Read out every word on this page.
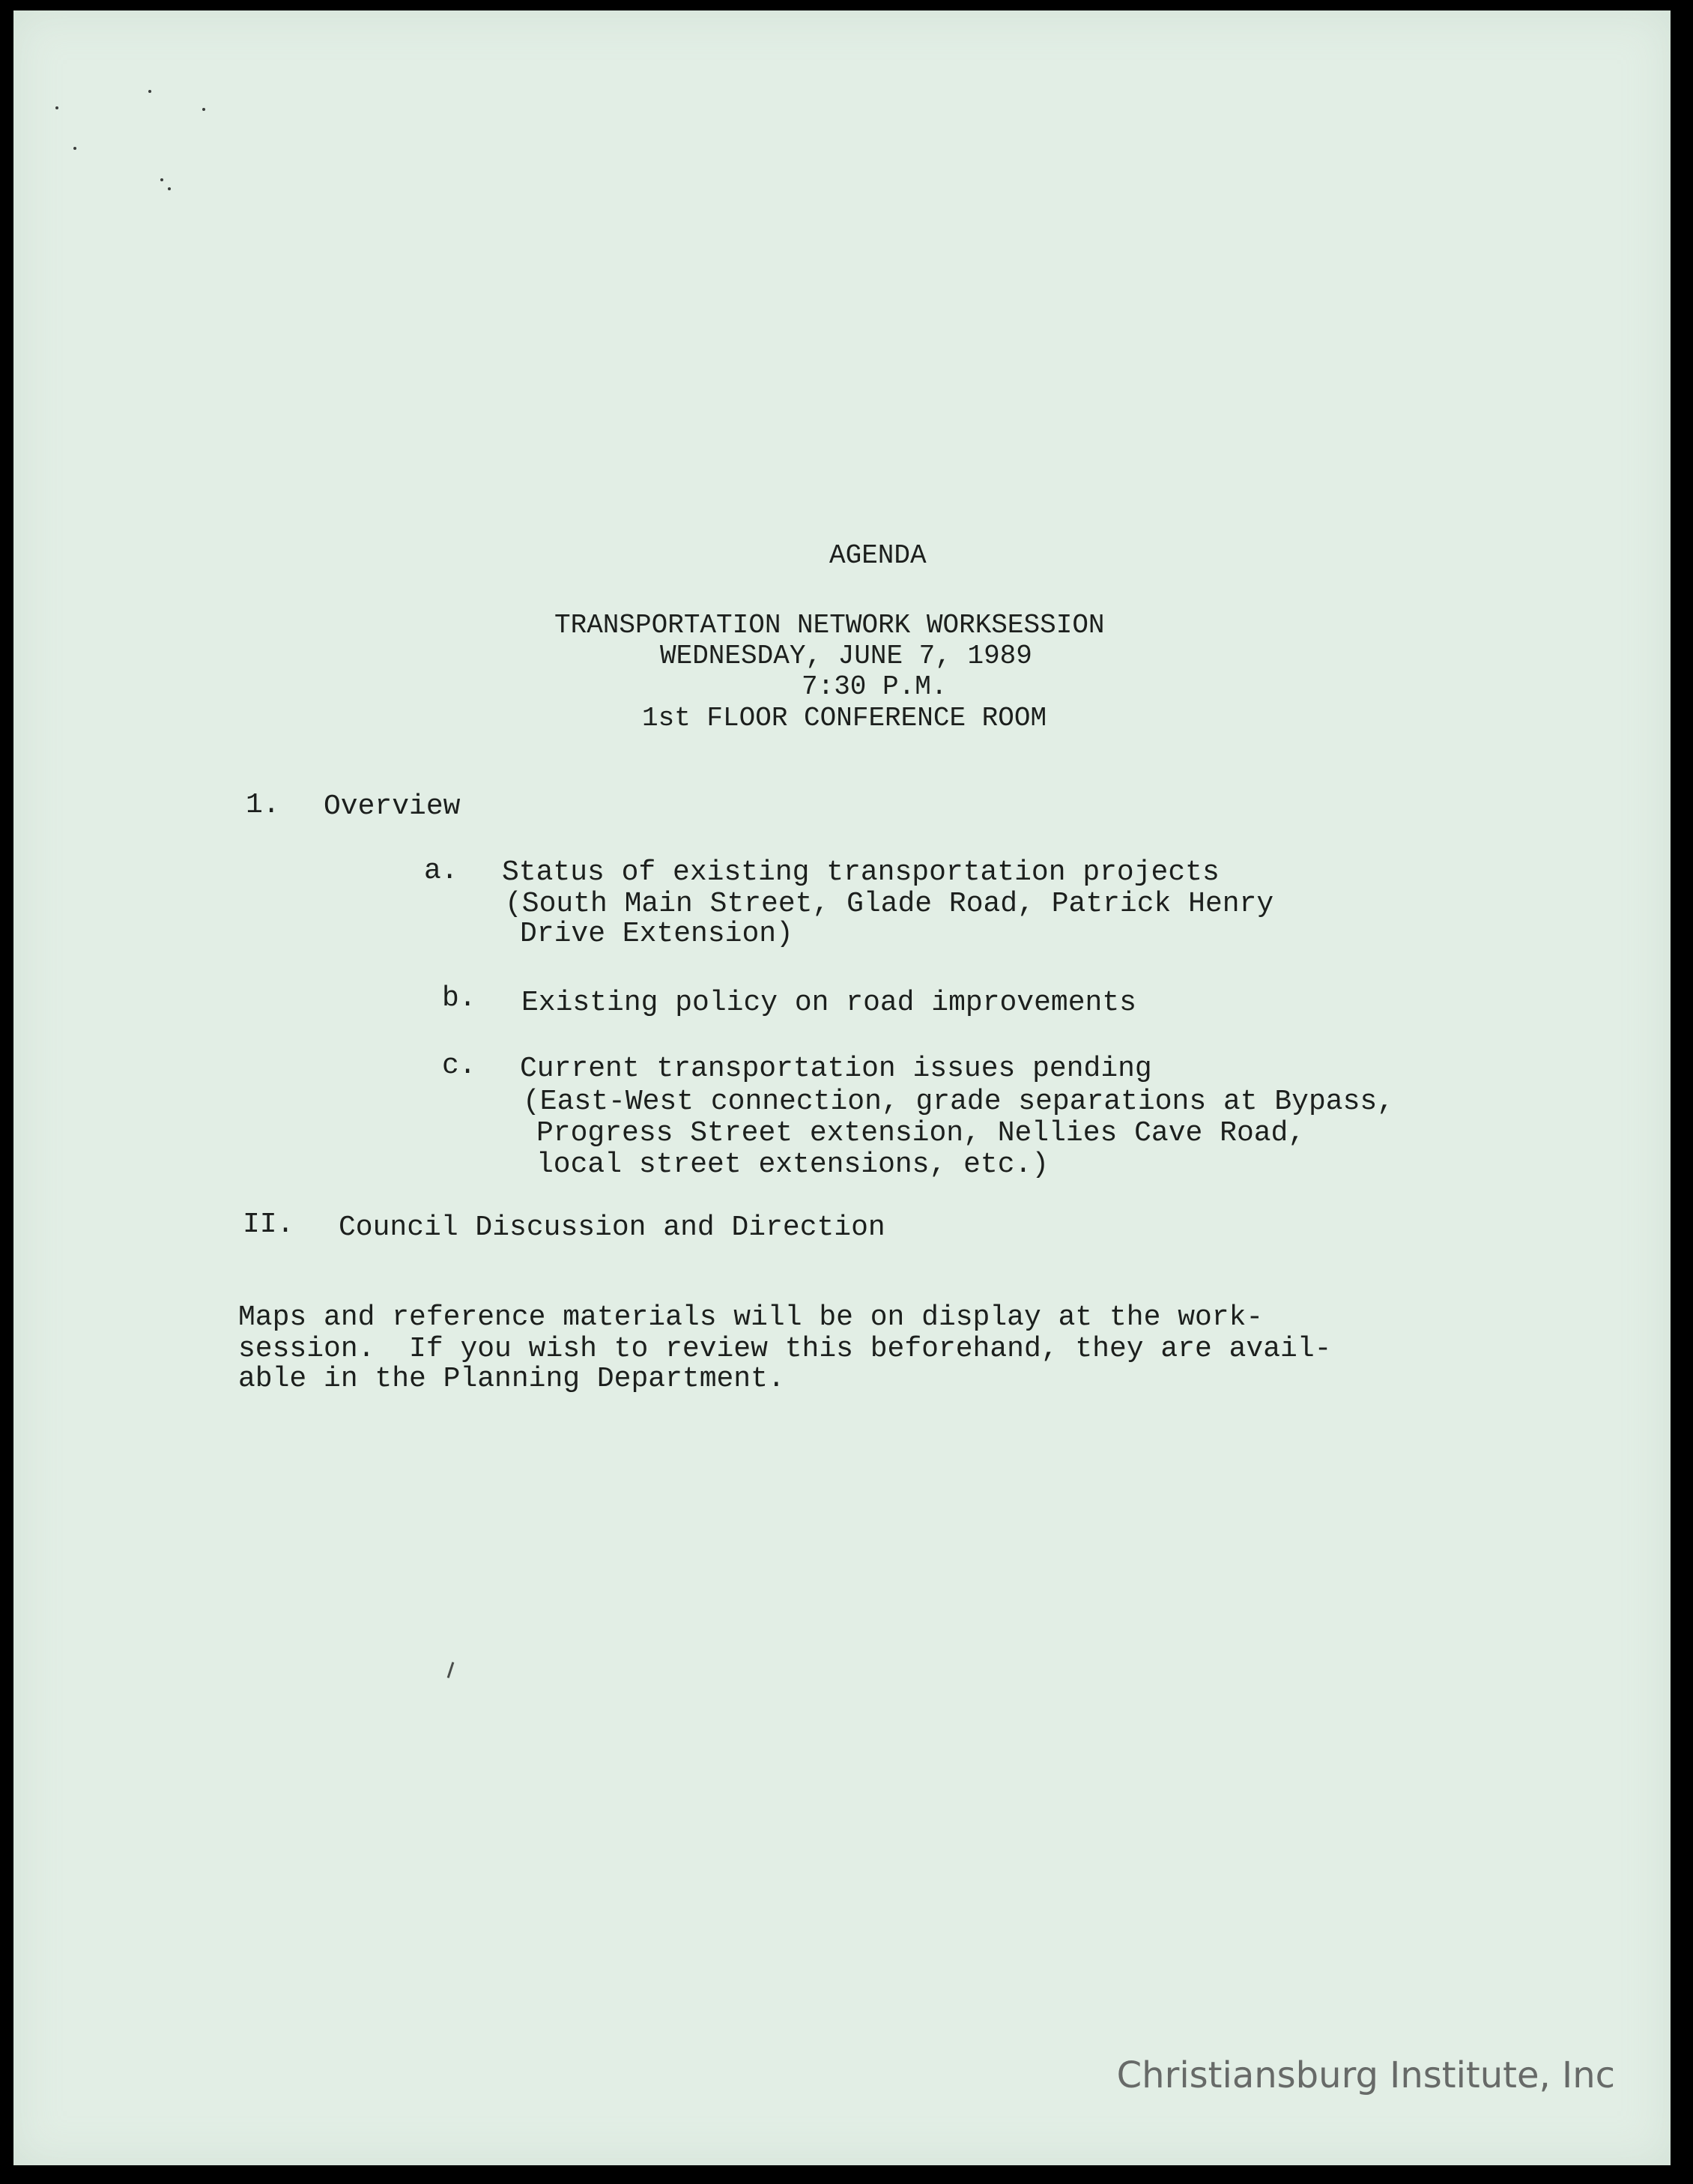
AGENDA

TRANSPORTATION NETWORK WORKSESSION

WEDNESDAY, JUNE 7, 1989

7:30 P.M.

1st FLOOR CONFERENCE ROOM

1. Overview

a. Status of existing transportation projects

(South Main Street, Glade Road, Patrick Henry

Drive Extension)

b. Existing policy on road improvements

c. Current transportation issues pending

(East-West connection, grade separations at Bypass,

Progress Street extension, Nellies Cave Road,

local street extensions, etc.)

II. Council Discussion and Direction

Maps and reference materials will be on display at the work-

session.  If you wish to review this beforehand, they are avail-

able in the Planning Department.

Christiansburg Institute, Inc
